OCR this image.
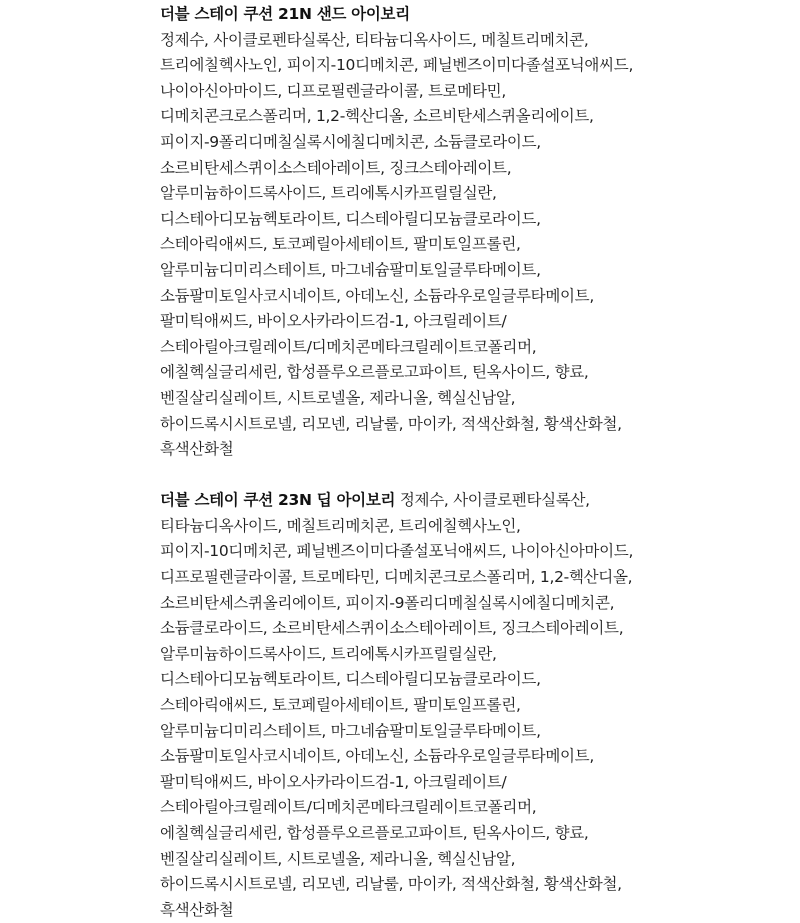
더블 스테이 쿠션 21N 샌드 아이보리
정제수, 사이클로펜타실록산, 티타늄디옥사이드, 메칠트리메치콘, 트리에칠헥사노인, 피이지-10디메치콘, 페닐벤즈이미다졸설포닉애씨드, 나이아신아마이드, 디프로필렌글라이콜, 트로메타민, 디메치콘크로스폴리머, 1,2-헥산디올, 소르비탄세스퀴올리에이트, 피이지-9폴리디메칠실록시에칠디메치콘, 소듐클로라이드, 소르비탄세스퀴이소스테아레이트, 징크스테아레이트, 알루미늄하이드록사이드, 트리에톡시카프릴릴실란, 디스테아디모늄헥토라이트, 디스테아릴디모늄클로라이드, 스테아릭애씨드, 토코페릴아세테이트, 팔미토일프롤린, 알루미늄디미리스테이트, 마그네슘팔미토일글루타메이트, 소듐팔미토일사코시네이트, 아데노신, 소듐라우로일글루타메이트, 팔미틱애씨드, 바이오사카라이드검-1, 아크릴레이트/스테아릴아크릴레이트/디메치콘메타크릴레이트코폴리머, 에칠헥실글리세린, 합성플루오르플로고파이트, 틴옥사이드, 향료, 벤질살리실레이트, 시트로넬올, 제라니올, 헥실신남알, 하이드록시시트로넬, 리모넨, 리날룰, 마이카, 적색산화철, 황색산화철, 흑색산화철

더블 스테이 쿠션 23N 딥 아이보리 정제수, 사이클로펜타실록산, 티타늄디옥사이드, 메칠트리메치콘, 트리에칠헥사노인, 피이지-10디메치콘, 페닐벤즈이미다졸설포닉애씨드, 나이아신아마이드, 디프로필렌글라이콜, 트로메타민, 디메치콘크로스폴리머, 1,2-헥산디올, 소르비탄세스퀴올리에이트, 피이지-9폴리디메칠실록시에칠디메치콘, 소듐클로라이드, 소르비탄세스퀴이소스테아레이트, 징크스테아레이트, 알루미늄하이드록사이드, 트리에톡시카프릴릴실란, 디스테아디모늄헥토라이트, 디스테아릴디모늄클로라이드, 스테아릭애씨드, 토코페릴아세테이트, 팔미토일프롤린, 알루미늄디미리스테이트, 마그네슘팔미토일글루타메이트, 소듐팔미토일사코시네이트, 아데노신, 소듐라우로일글루타메이트, 팔미틱애씨드, 바이오사카라이드검-1, 아크릴레이트/스테아릴아크릴레이트/디메치콘메타크릴레이트코폴리머, 에칠헥실글리세린, 합성플루오르플로고파이트, 틴옥사이드, 향료, 벤질살리실레이트, 시트로넬올, 제라니올, 헥실신남알, 하이드록시시트로넬, 리모넨, 리날룰, 마이카, 적색산화철, 황색산화철, 흑색산화철
